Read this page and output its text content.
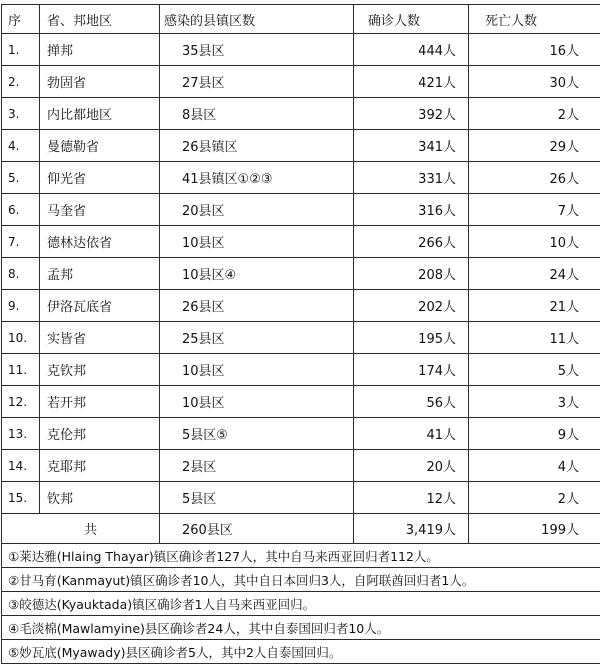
序	省、邦地区	感染的县镇区数	确诊人数	死亡人数
1.	掸邦	35县区	444人	16人
2.	勃固省	27县区	421人	30人
3.	内比都地区	8县区	392人	2人
4.	曼德勒省	26县镇区	341人	29人
5.	仰光省	41县镇区①②③	331人	26人
6.	马奎省	20县区	316人	7人
7.	德林达依省	10县区	266人	10人
8.	孟邦	10县区④	208人	24人
9.	伊洛瓦底省	26县区	202人	21人
10.	实皆省	25县区	195人	11人
11.	克钦邦	10县区	174人	5人
12.	若开邦	10县区	56人	3人
13.	克伦邦	5县区⑤	41人	9人
14.	克耶邦	2县区	20人	4人
15.	钦邦	5县区	12人	2人
共		260县区	3,419人	199人
①莱达雅(Hlaing Thayar)镇区确诊者127人，其中自马来西亚回归者112人。				
②甘马育(Kanmayut)镇区确诊者10人，其中自日本回归3人，自阿联酋回归者1人。				
③皎德达(Kyauktada)镇区确诊者1人自马来西亚回归。				
④毛淡棉(Mawlamyine)县区确诊者24人，其中自泰国回归者10人。				
⑤妙瓦底(Myawady)县区确诊者5人，其中2人自泰国回归。				
